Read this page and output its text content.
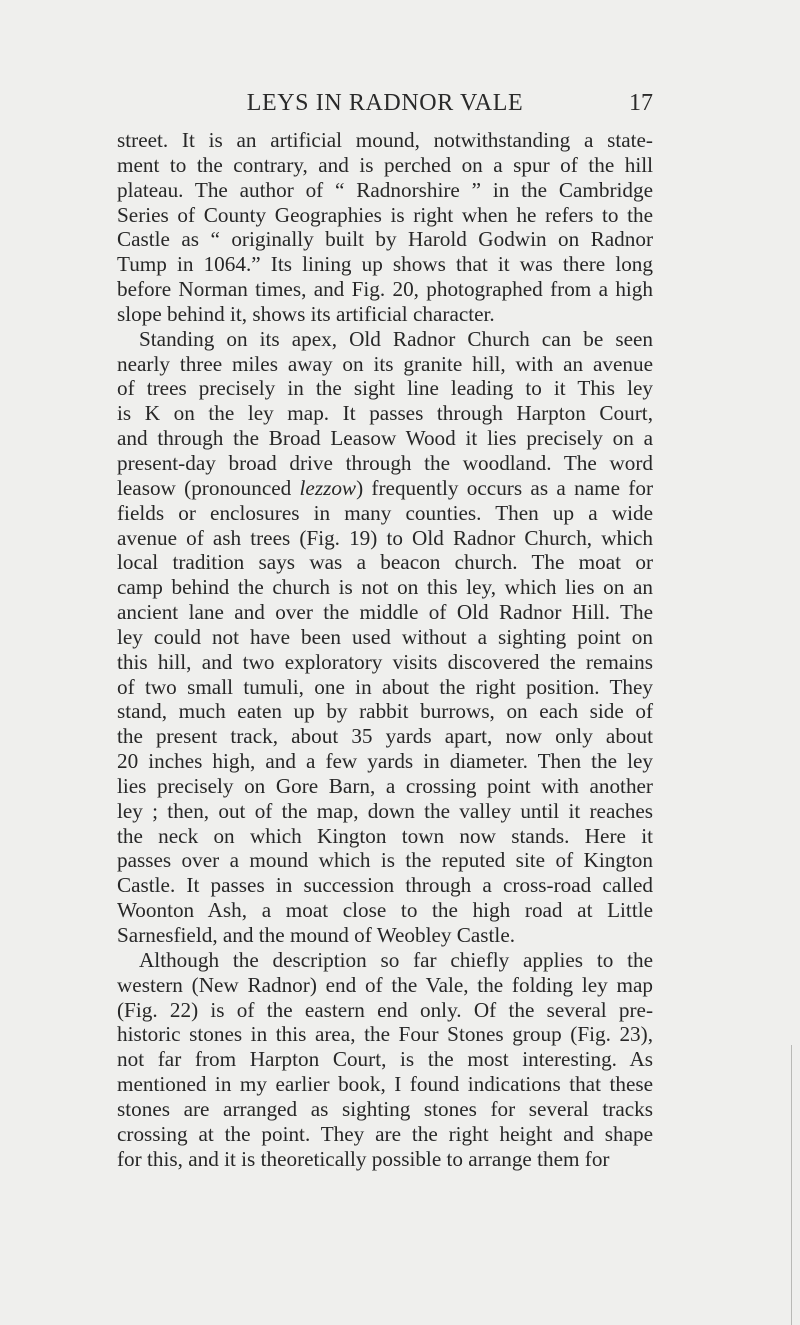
LEYS IN RADNOR VALE	17
street. It is an artificial mound, notwithstanding a state-
ment to the contrary, and is perched on a spur of the hill
plateau. The author of “ Radnorshire ” in the Cambridge
Series of County Geographies is right when he refers to the
Castle as “ originally built by Harold Godwin on Radnor
Tump in 1064.” Its lining up shows that it was there long
before Norman times, and Fig. 20, photographed from a high
slope behind it, shows its artificial character.
Standing on its apex, Old Radnor Church can be seen
nearly three miles away on its granite hill, with an avenue
of trees precisely in the sight line leading to it This ley
is K on the ley map. It passes through Harpton Court,
and through the Broad Leasow Wood it lies precisely on a
present-day broad drive through the woodland. The word
leasow (pronounced lezzow) frequently occurs as a name for
fields or enclosures in many counties. Then up a wide
avenue of ash trees (Fig. 19) to Old Radnor Church, which
local tradition says was a beacon church. The moat or
camp behind the church is not on this ley, which lies on an
ancient lane and over the middle of Old Radnor Hill. The
ley could not have been used without a sighting point on
this hill, and two exploratory visits discovered the remains
of two small tumuli, one in about the right position. They
stand, much eaten up by rabbit burrows, on each side of
the present track, about 35 yards apart, now only about
20 inches high, and a few yards in diameter. Then the ley
lies precisely on Gore Barn, a crossing point with another
ley ; then, out of the map, down the valley until it reaches
the neck on which Kington town now stands. Here it
passes over a mound which is the reputed site of Kington
Castle. It passes in succession through a cross-road called
Woonton Ash, a moat close to the high road at Little
Sarnesfield, and the mound of Weobley Castle.
Although the description so far chiefly applies to the
western (New Radnor) end of the Vale, the folding ley map
(Fig. 22) is of the eastern end only. Of the several pre-
historic stones in this area, the Four Stones group (Fig. 23),
not far from Harpton Court, is the most interesting. As
mentioned in my earlier book, I found indications that these
stones are arranged as sighting stones for several tracks
crossing at the point. They are the right height and shape
for this, and it is theoretically possible to arrange them for
